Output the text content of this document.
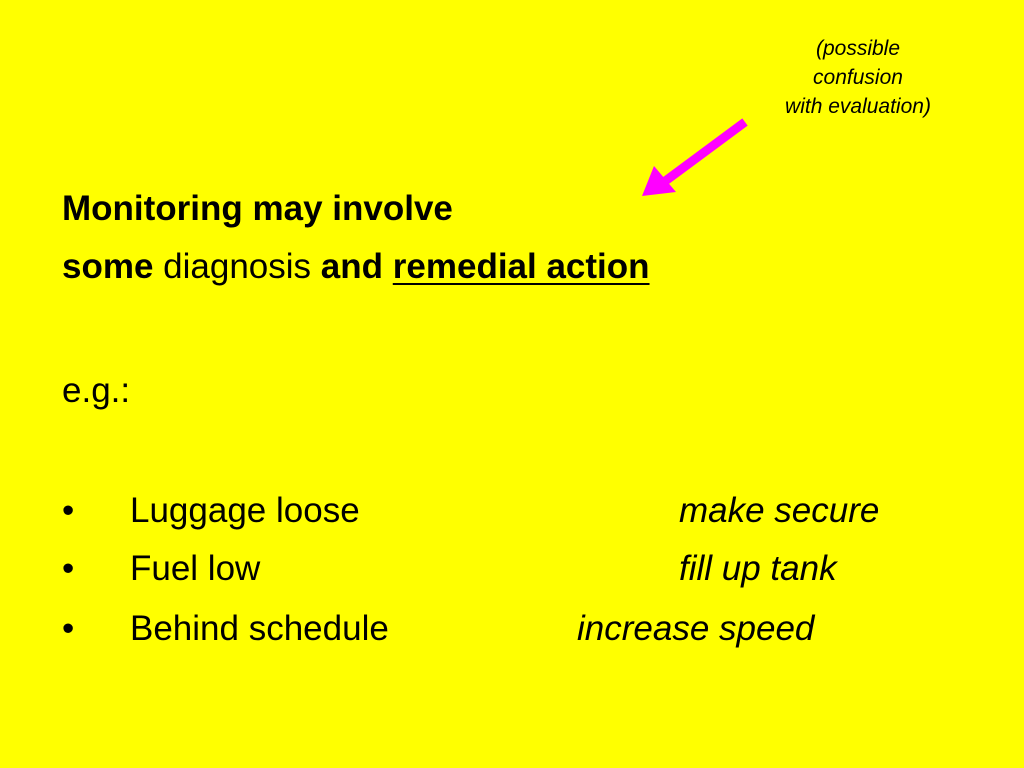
(possible
confusion
with evaluation)
Monitoring may involve
some diagnosis and remedial action
e.g.:
• Luggage loose	make secure
• Fuel low	fill up tank
• Behind schedule	increase speed
